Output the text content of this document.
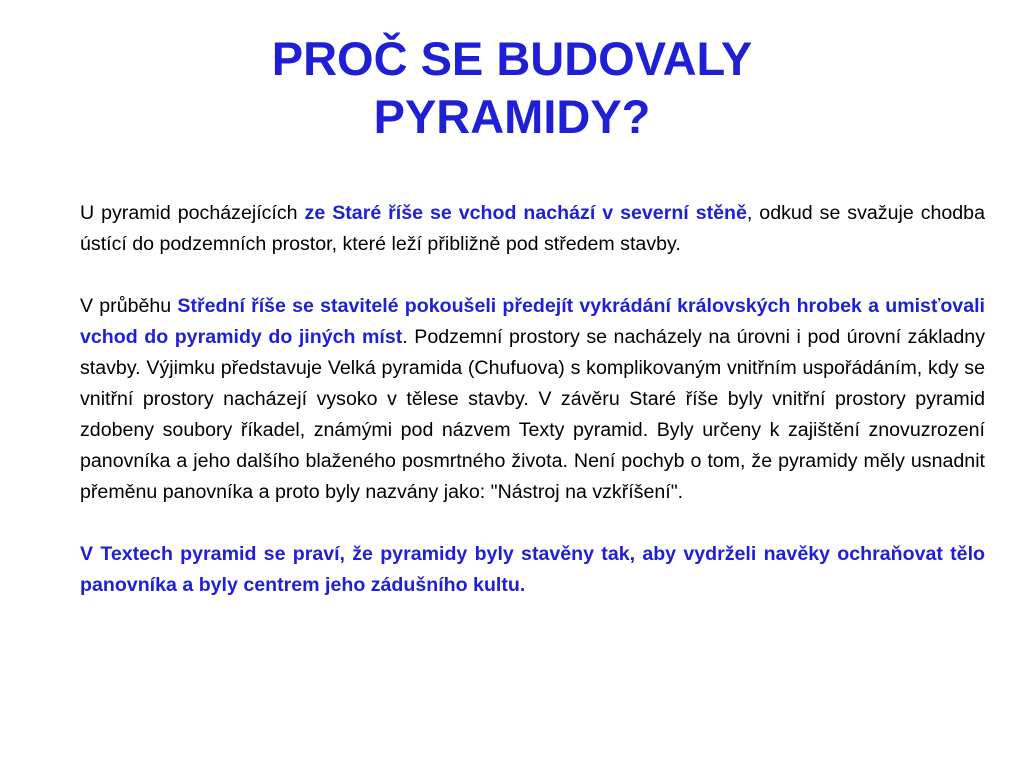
PROČ SE BUDOVALY
PYRAMIDY?

U pyramid pocházejících ze Staré říše se vchod nachází v severní stěně, odkud se svažuje chodba ústící do podzemních prostor, které leží přibližně pod středem stavby.

V průběhu Střední říše se stavitelé pokoušeli předejít vykrádání královských hrobek a umisťovali vchod do pyramidy do jiných míst. Podzemní prostory se nacházely na úrovni i pod úrovní základny stavby. Výjimku představuje Velká pyramida (Chufuova) s komplikovaným vnitřním uspořádáním, kdy se vnitřní prostory nacházejí vysoko v tělese stavby. V závěru Staré říše byly vnitřní prostory pyramid zdobeny soubory říkadel, známými pod názvem Texty pyramid. Byly určeny k zajištění znovuzrození panovníka a jeho dalšího blaženého posmrtného života. Není pochyb o tom, že pyramidy měly usnadnit přeměnu panovníka a proto byly nazvány jako: "Nástroj na vzkříšení".

V Textech pyramid se praví, že pyramidy byly stavěny tak, aby vydrželi navěky ochraňovat tělo panovníka a byly centrem jeho zádušního kultu.
